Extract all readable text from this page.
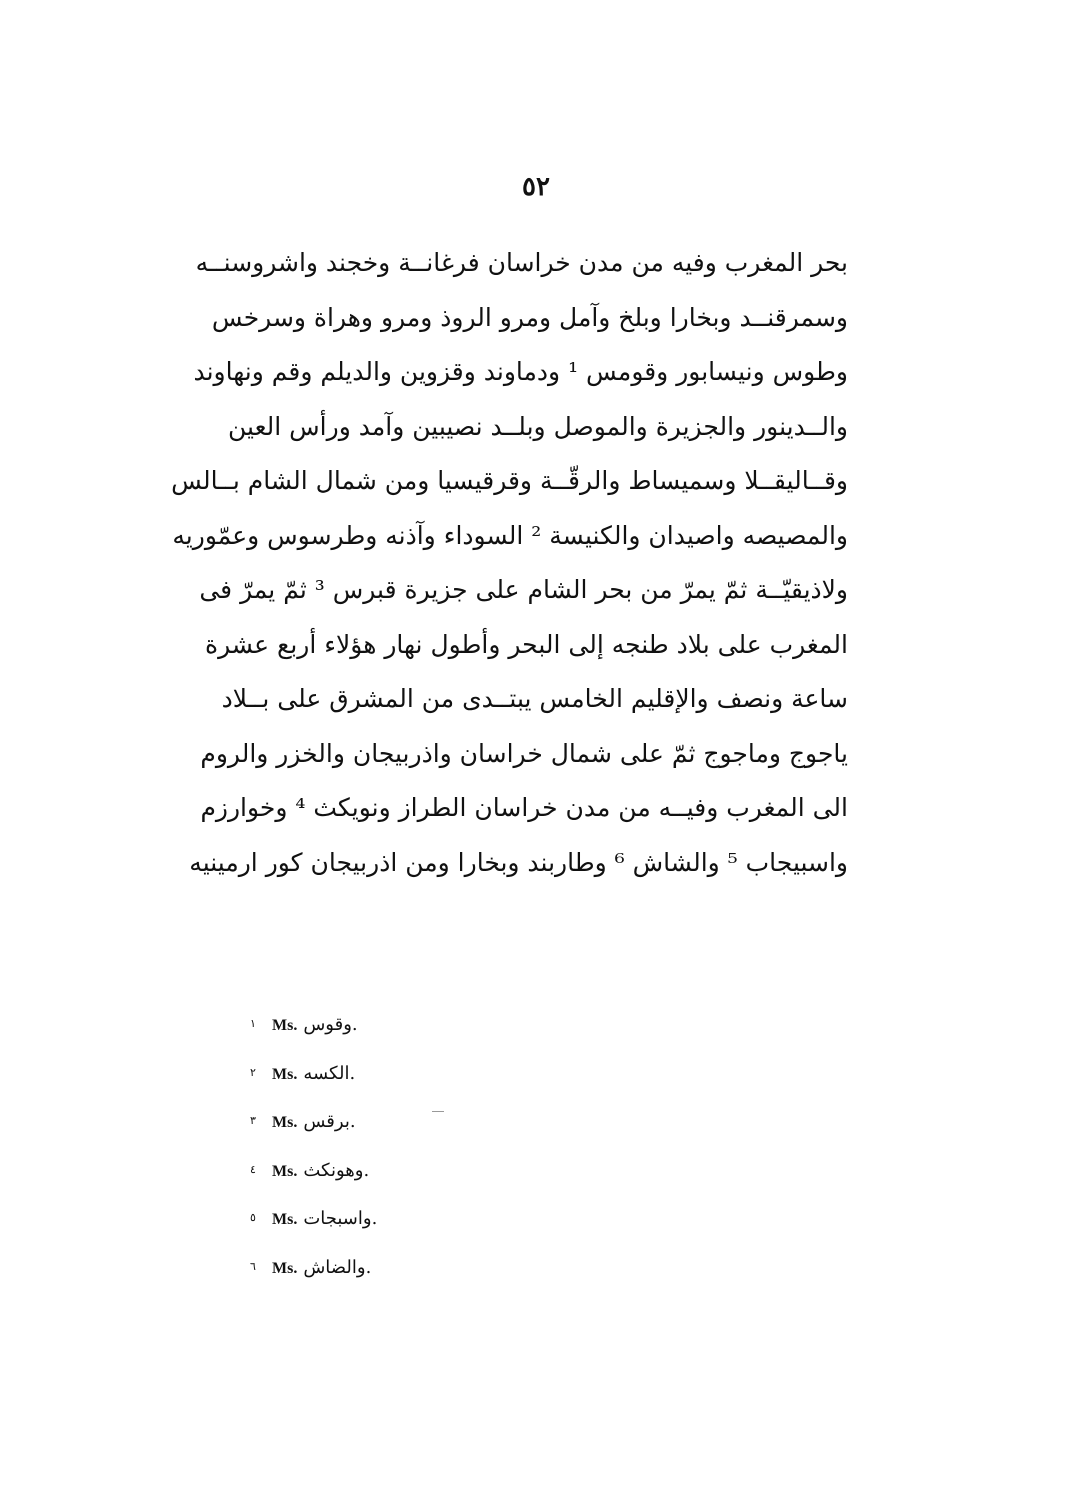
٥٢
بحر المغرب وفيه من مدن خراسان فرغانــة وخجند واشروسنــه
وسمرقنــد وبخارا وبلخ وآمل ومرو الروذ ومرو وهراة وسرخس
وطوس ونيسابور وقومس ¹ ودماوند وقزوين والديلم وقم ونهاوند
والــدينور والجزيرة والموصل وبلــد نصيبين وآمد ورأس العين
وقــاليقــلا وسميساط والرقّــة وقرقيسيا ومن شمال الشام بــالس
والمصيصه واصيدان والكنيسة ² السوداء وآذنه وطرسوس وعمّوريه
ولاذيقيّــة ثمّ يمرّ من بحر الشام على جزيرة قبرس ³ ثمّ يمرّ فى
المغرب على بلاد طنجه إلى البحر وأطول نهار هؤلاء أربع عشرة
ساعة ونصف والإقليم الخامس يبتــدى من المشرق على بــلاد
ياجوج وماجوج ثمّ على شمال خراسان واذربيجان والخزر والروم
الى المغرب وفيــه من مدن خراسان الطراز ونويكث ⁴ وخوارزم
واسبيجاب ⁵ والشاش ⁶ وطاربند وبخارا ومن اذربيجان كور ارمينيه
١ Ms. وقوس.
٢ Ms. الكسه.
٣ Ms. برقس.
٤ Ms. وهونكث.
٥ Ms. واسبجات.
٦ Ms. والضاش.
